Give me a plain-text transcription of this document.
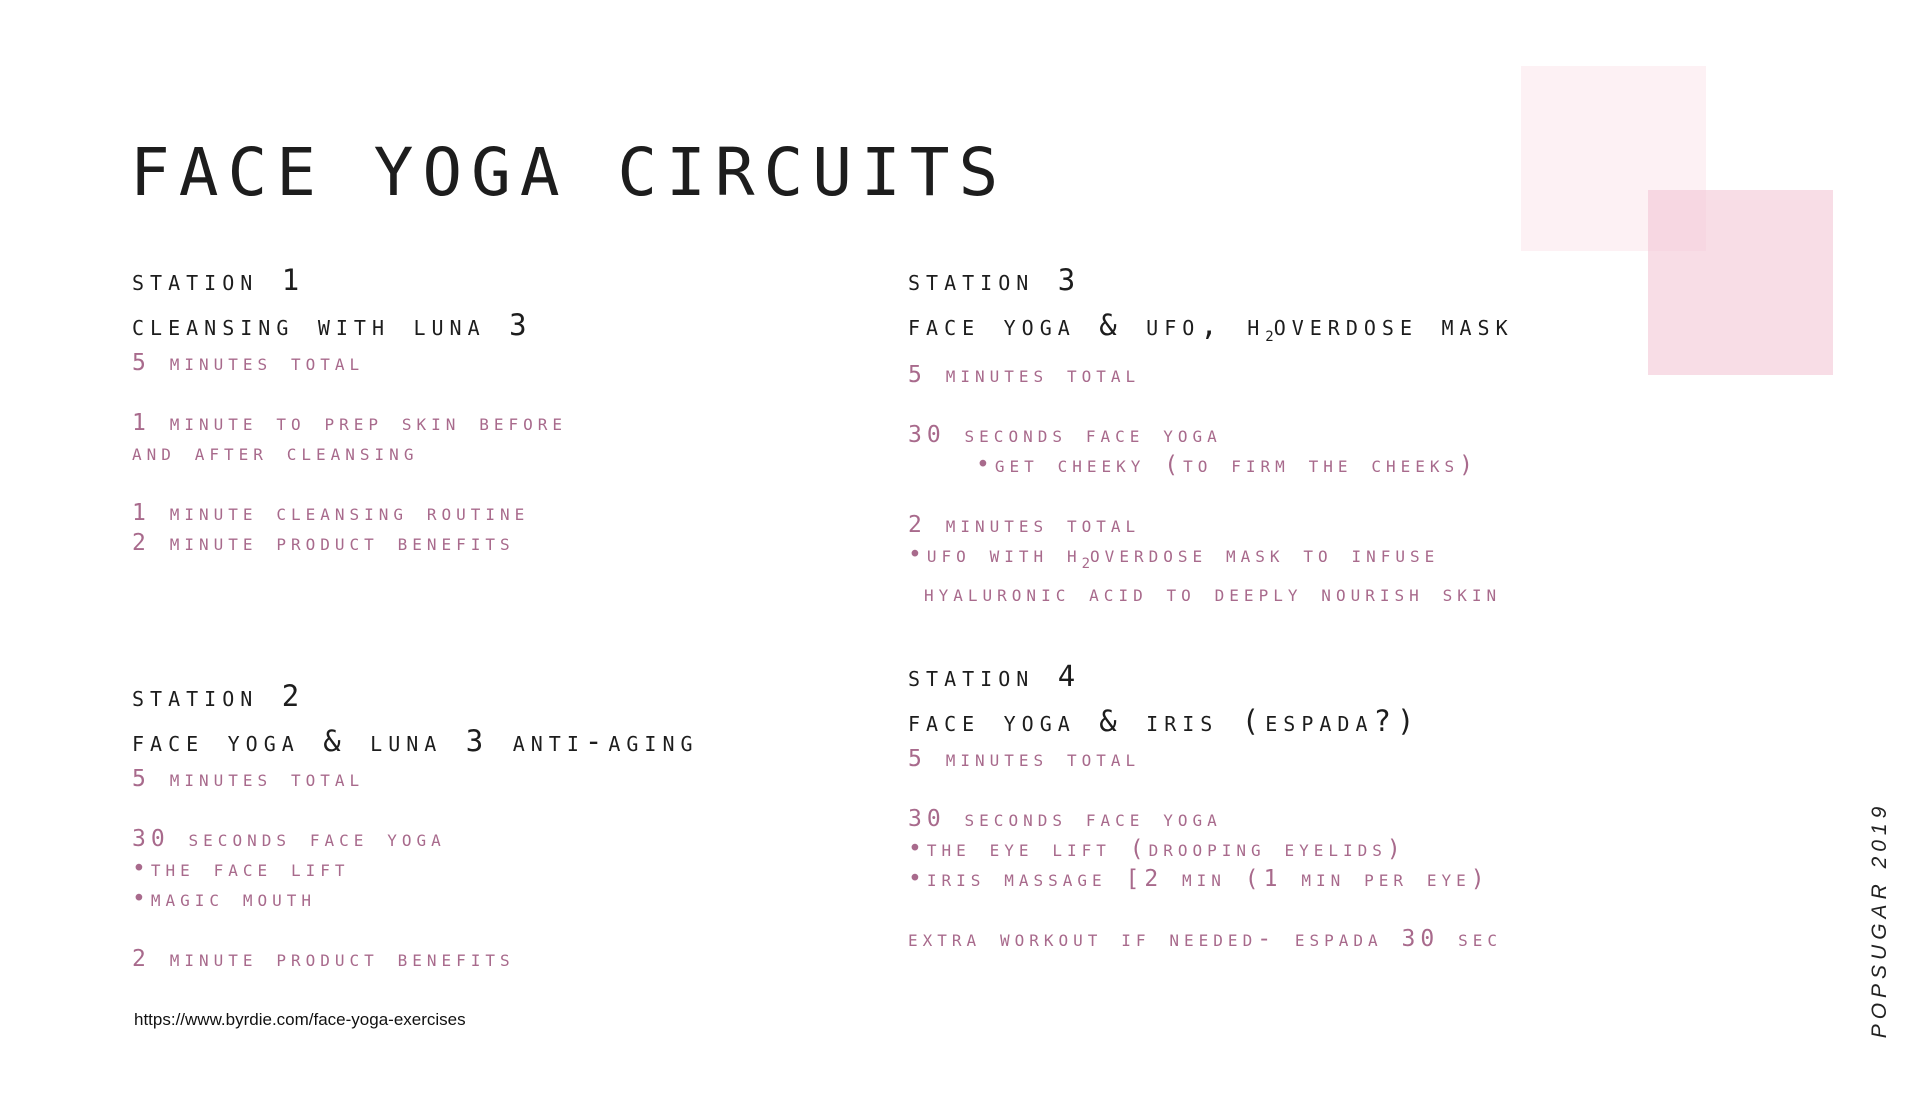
FACE YOGA CIRCUITS
station 1
cleansing with luna 3
5 minutes total
1 minute to prep skin before
and after cleansing
1 minute cleansing routine
2 minute product benefits
station 2
face yoga & luna 3 anti-aging
5 minutes total
30 seconds face yoga
•the face lift
•magic mouth
2 minute product benefits
station 3
face yoga & ufo, $h_2overdose$ mask
5 minutes total
30 seconds face yoga
•get cheeky (to firm the cheeks)
2 minutes total
•ufo with $h_2overdose$ mask to infuse
hyaluronic acid to deeply nourish skin
station 4
face yoga & iris (espada?)
5 minutes total
30 seconds face yoga
•the eye lift (drooping eyelids)
•iris massage [2 min (1 min per eye)
extra workout if needed- espada 30 sec
https://www.byrdie.com/face-yoga-exercises	POPSUGAR 2019
